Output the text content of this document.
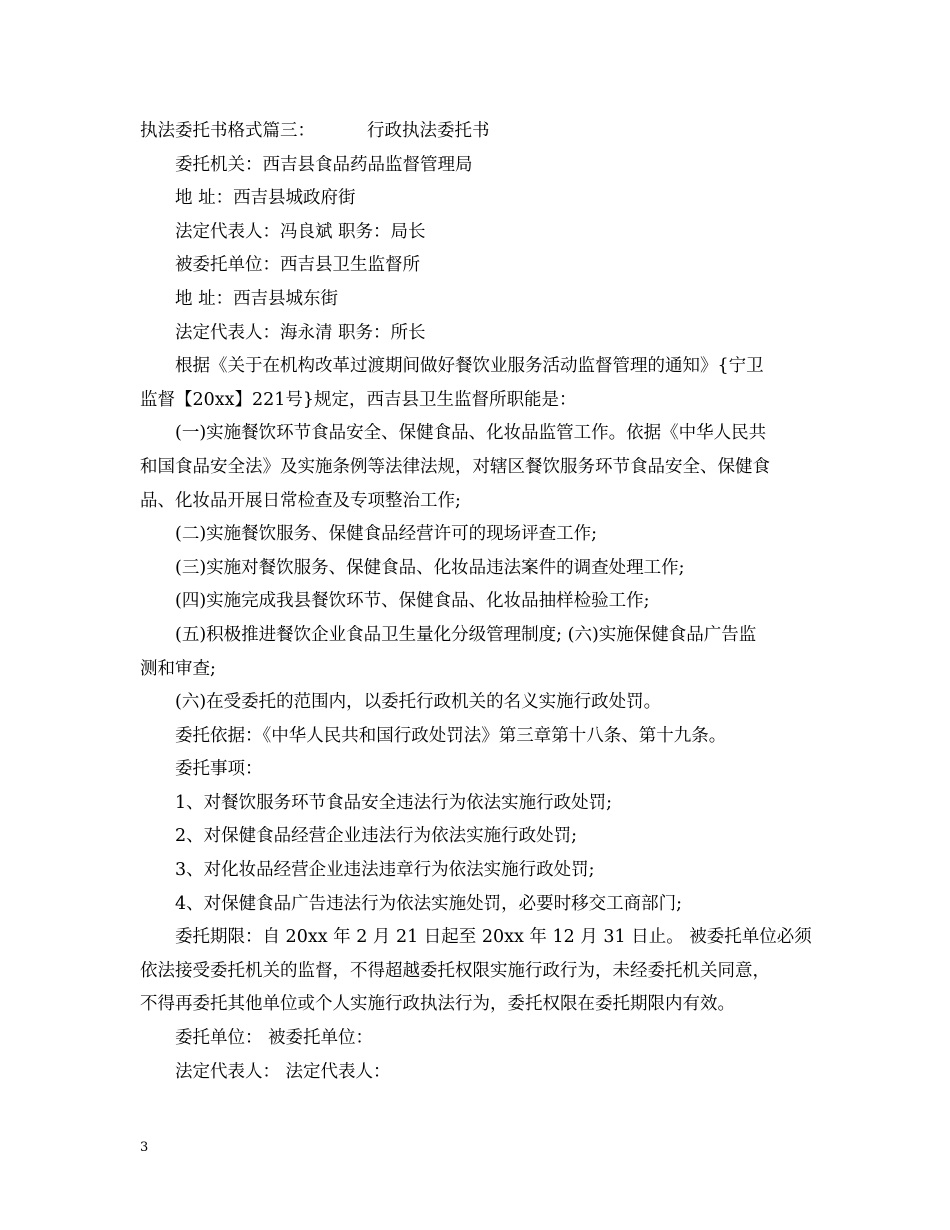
执法委托书格式篇三：	行政执法委托书
委托机关：西吉县食品药品监督管理局
地 址：西吉县城政府街
法定代表人：冯良斌 职务：局长
被委托单位：西吉县卫生监督所
地 址：西吉县城东街
法定代表人：海永清 职务：所长
根据《关于在机构改革过渡期间做好餐饮业服务活动监督管理的通知》{宁卫
监督【20xx】221号}规定，西吉县卫生监督所职能是：
(一)实施餐饮环节食品安全、保健食品、化妆品监管工作。依据《中华人民共
和国食品安全法》及实施条例等法律法规，对辖区餐饮服务环节食品安全、保健食
品、化妆品开展日常检查及专项整治工作;
(二)实施餐饮服务、保健食品经营许可的现场评查工作;
(三)实施对餐饮服务、保健食品、化妆品违法案件的调查处理工作;
(四)实施完成我县餐饮环节、保健食品、化妆品抽样检验工作;
(五)积极推进餐饮企业食品卫生量化分级管理制度; (六)实施保健食品广告监
测和审查;
(六)在受委托的范围内，以委托行政机关的名义实施行政处罚。
委托依据：《中华人民共和国行政处罚法》第三章第十八条、第十九条。
委托事项：
1、对餐饮服务环节食品安全违法行为依法实施行政处罚;
2、对保健食品经营企业违法行为依法实施行政处罚;
3、对化妆品经营企业违法违章行为依法实施行政处罚;
4、对保健食品广告违法行为依法实施处罚，必要时移交工商部门;
委托期限：自 20xx 年 2 月 21 日起至 20xx 年 12 月 31 日止。 被委托单位必须
依法接受委托机关的监督，不得超越委托权限实施行政行为，未经委托机关同意，
不得再委托其他单位或个人实施行政执法行为，委托权限在委托期限内有效。
委托单位： 被委托单位：
法定代表人： 法定代表人：
3
